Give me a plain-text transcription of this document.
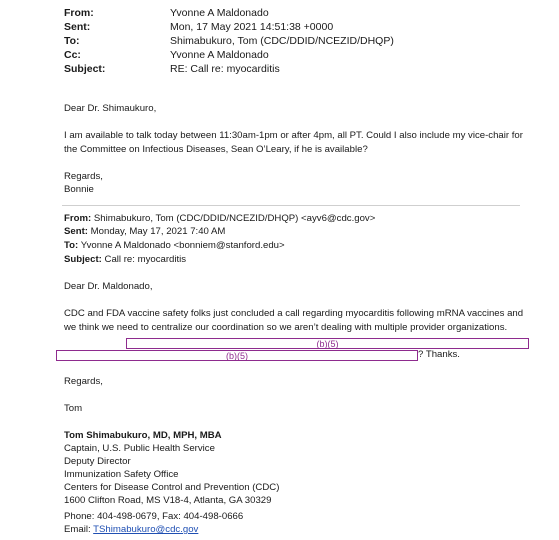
From:	Yvonne A Maldonado
Sent:	Mon, 17 May 2021 14:51:38 +0000
To:	Shimabukuro, Tom (CDC/DDID/NCEZID/DHQP)
Cc:	Yvonne A Maldonado
Subject:	RE: Call re: myocarditis
Dear Dr. Shimaukuro,
I am available to talk today between 11:30am-1pm or after 4pm, all PT. Could I also include my vice-chair for the Committee on Infectious Diseases, Sean O’Leary, if he is available?
Regards,
Bonnie
From: Shimabukuro, Tom (CDC/DDID/NCEZID/DHQP) <ayv6@cdc.gov>
Sent: Monday, May 17, 2021 7:40 AM
To: Yvonne A Maldonado <bonniem@stanford.edu>
Subject: Call re: myocarditis
Dear Dr. Maldonado,
CDC and FDA vaccine safety folks just concluded a call regarding myocarditis following mRNA vaccines and we think we need to centralize our coordination so we aren’t dealing with multiple provider organizations.
(b)(5)
(b)(5)	? Thanks.
Regards,
Tom
Tom Shimabukuro, MD, MPH, MBA
Captain, U.S. Public Health Service
Deputy Director
Immunization Safety Office
Centers for Disease Control and Prevention (CDC)
1600 Clifton Road, MS V18-4, Atlanta, GA 30329
Phone: 404-498-0679, Fax: 404-498-0666
Email: TShimabukuro@cdc.gov
